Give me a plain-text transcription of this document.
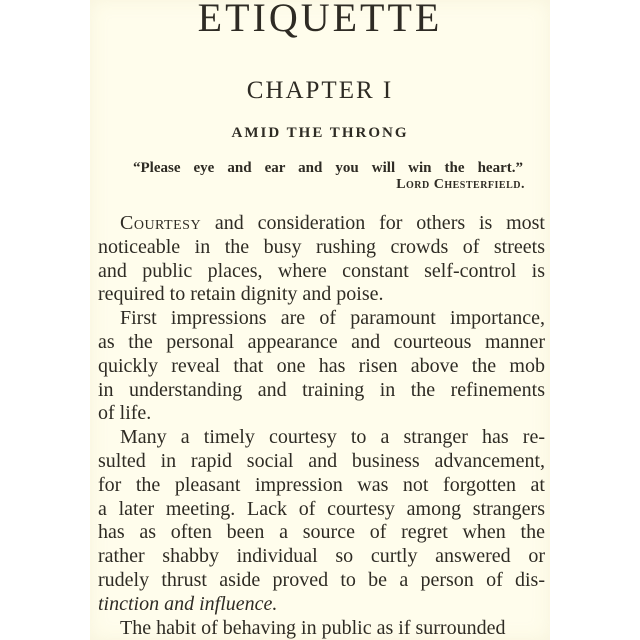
ETIQUETTE
CHAPTER I
AMID THE THRONG
“Please eye and ear and you will win the heart.”
Lord Chesterfield.
Courtesy and consideration for others is most
noticeable in the busy rushing crowds of streets
and public places, where constant self-control is
required to retain dignity and poise.
First impressions are of paramount importance,
as the personal appearance and courteous manner
quickly reveal that one has risen above the mob
in understanding and training in the refinements
of life.
Many a timely courtesy to a stranger has re-
sulted in rapid social and business advancement,
for the pleasant impression was not forgotten at
a later meeting. Lack of courtesy among strangers
has as often been a source of regret when the
rather shabby individual so curtly answered or
rudely thrust aside proved to be a person of dis-
tinction and influence.
The habit of behaving in public as if surrounded
